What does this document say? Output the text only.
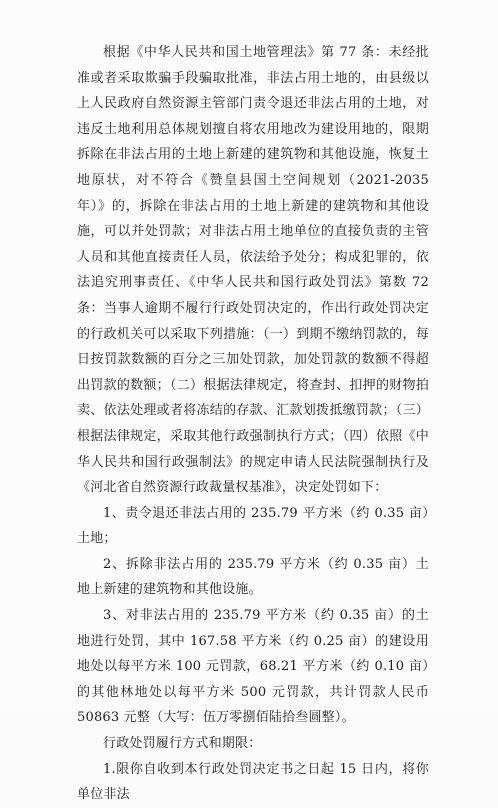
根据《中华人民共和国土地管理法》第 77 条：未经批准或者采取欺骗手段骗取批准，非法占用土地的，由县级以上人民政府自然资源主管部门责令退还非法占用的土地，对违反土地利用总体规划擅自将农用地改为建设用地的，限期拆除在非法占用的土地上新建的建筑物和其他设施，恢复土地原状，对不符合《赞皇县国土空间规划（2021-2035 年）》的，拆除在非法占用的土地上新建的建筑物和其他设施，可以并处罚款；对非法占用土地单位的直接负责的主管人员和其他直接责任人员，依法给予处分；构成犯罪的，依法追究刑事责任、《中华人民共和国行政处罚法》第数 72 条：当事人逾期不履行行政处罚决定的，作出行政处罚决定的行政机关可以采取下列措施：（一）到期不缴纳罚款的，每日按罚款数额的百分之三加处罚款，加处罚款的数额不得超出罚款的数额；（二）根据法律规定，将查封、扣押的财物拍卖、依法处理或者将冻结的存款、汇款划拨抵缴罚款；（三）根据法律规定，采取其他行政强制执行方式；（四）依照《中华人民共和国行政强制法》的规定申请人民法院强制执行及《河北省自然资源行政裁量权基准》，决定处罚如下：

1、责令退还非法占用的 235.79 平方米（约 0.35 亩）土地；

2、拆除非法占用的 235.79 平方米（约 0.35 亩）土地上新建的建筑物和其他设施。

3、对非法占用的 235.79 平方米（约 0.35 亩）的土地进行处罚，其中 167.58 平方米（约 0.25 亩）的建设用地处以每平方米 100 元罚款，68.21 平方米（约 0.10 亩）的其他林地处以每平方米 500 元罚款，共计罚款人民币 50863 元整（大写：伍万零捌佰陆拾叁圆整）。

行政处罚履行方式和期限：

1.限你自收到本行政处罚决定书之日起 15 日内，将你单位非法
